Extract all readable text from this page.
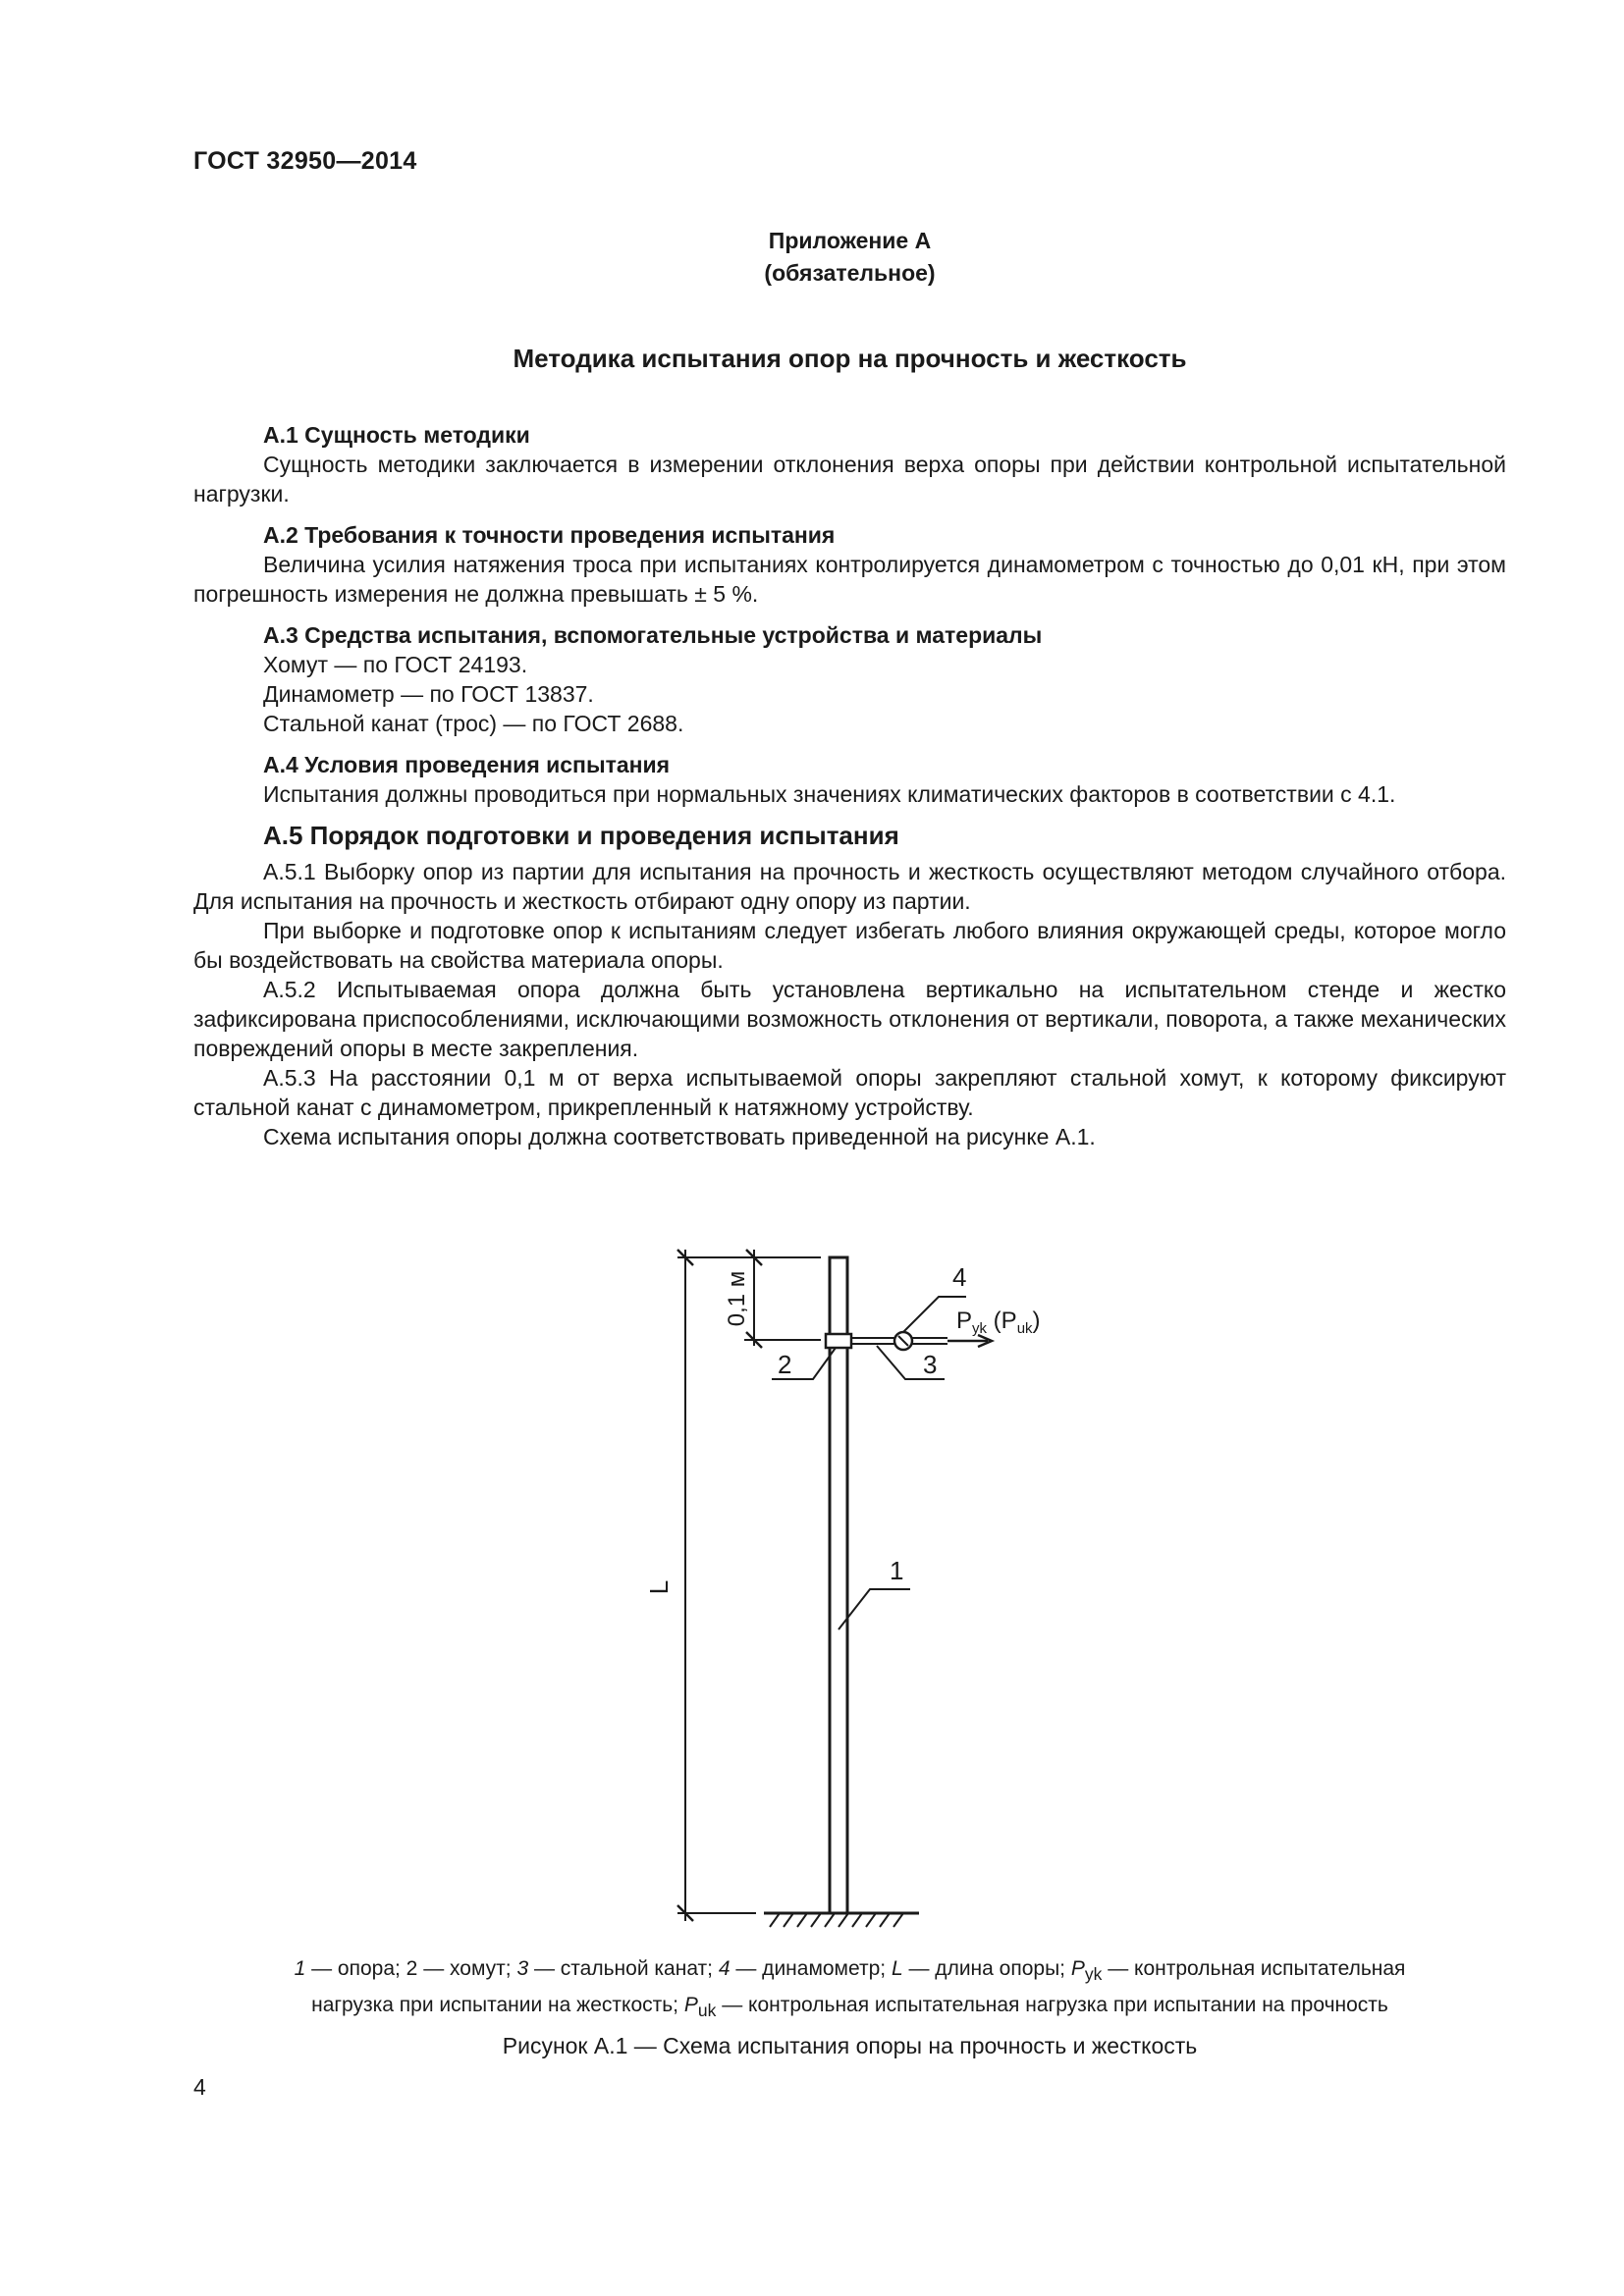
ГОСТ 32950—2014
Приложение А
(обязательное)
Методика испытания опор на прочность и жесткость
А.1 Сущность методики

Сущность методики заключается в измерении отклонения верха опоры при действии контрольной испытательной нагрузки.

А.2 Требования к точности проведения испытания

Величина усилия натяжения троса при испытаниях контролируется динамометром с точностью до 0,01 кН, при этом погрешность измерения не должна превышать ± 5 %.

А.3 Средства испытания, вспомогательные устройства и материалы
Хомут — по ГОСТ 24193.
Динамометр — по ГОСТ 13837.
Стальной канат (трос) — по ГОСТ 2688.
А.4 Условия проведения испытания

Испытания должны проводиться при нормальных значениях климатических факторов в соответствии с 4.1.

А.5 Порядок подготовки и проведения испытания

А.5.1 Выборку опор из партии для испытания на прочность и жесткость осуществляют методом случайного отбора. Для испытания на прочность и жесткость отбирают одну опору из партии.

При выборке и подготовке опор к испытаниям следует избегать любого влияния окружающей среды, которое могло бы воздействовать на свойства материала опоры.

А.5.2 Испытываемая опора должна быть установлена вертикально на испытательном стенде и жестко зафиксирована приспособлениями, исключающими возможность отклонения от вертикали, поворота, а также механических повреждений опоры в месте закрепления.

А.5.3 На расстоянии 0,1 м от верха испытываемой опоры закрепляют стальной хомут, к которому фиксируют стальной канат с динамометром, прикрепленный к натяжному устройству.

Схема испытания опоры должна соответствовать приведенной на рисунке А.1.

L
0,1 м	4
2	3
1
$P_{yk}$ $(P_{uk})$
1 — опора; 2 — хомут; 3 — стальной канат; 4 — динамометр; L — длина опоры; $P_{yk}$ — контрольная испытательная
нагрузка при испытании на жесткость; $P_{uk}$ — контрольная испытательная нагрузка при испытании на прочность
Рисунок А.1 — Схема испытания опоры на прочность и жесткость
4
